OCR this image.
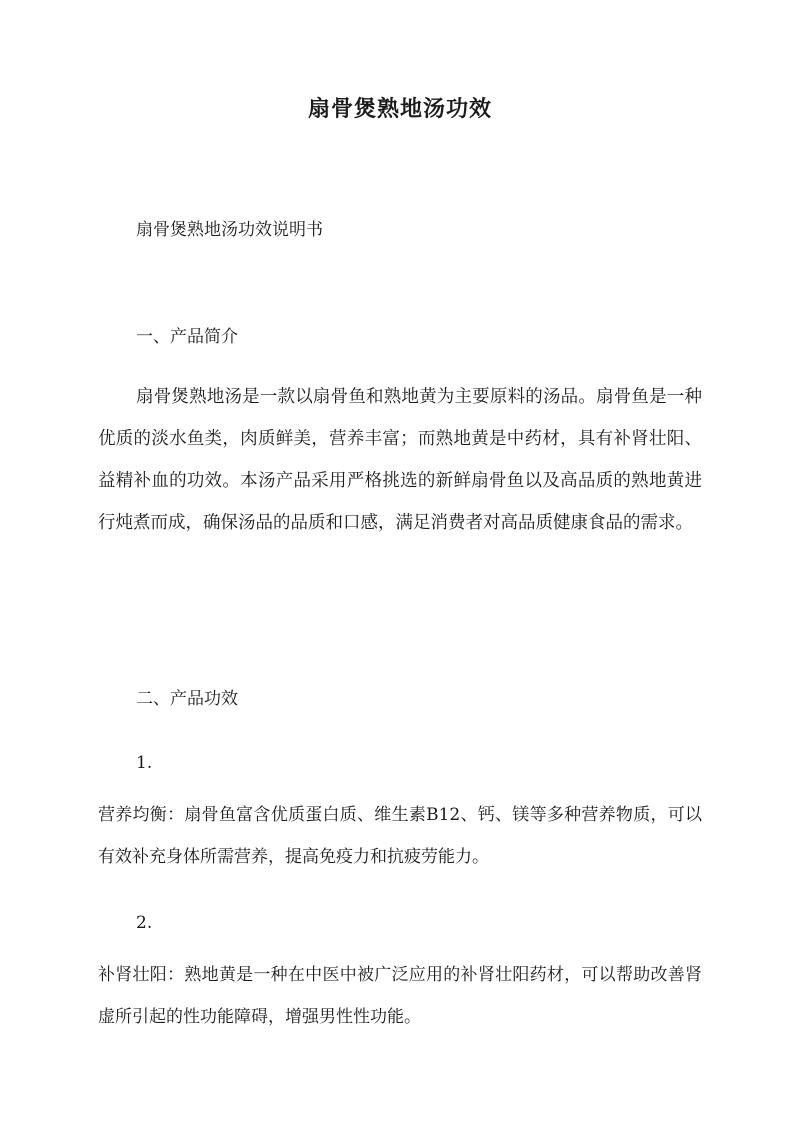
扇骨煲熟地汤功效

扇骨煲熟地汤功效说明书

一、产品简介

扇骨煲熟地汤是一款以扇骨鱼和熟地黄为主要原料的汤品。扇骨鱼是一种优质的淡水鱼类，肉质鲜美，营养丰富；而熟地黄是中药材，具有补肾壮阳、益精补血的功效。本汤产品采用严格挑选的新鲜扇骨鱼以及高品质的熟地黄进行炖煮而成，确保汤品的品质和口感，满足消费者对高品质健康食品的需求。

二、产品功效

1.

营养均衡：扇骨鱼富含优质蛋白质、维生素B12、钙、镁等多种营养物质，可以有效补充身体所需营养，提高免疫力和抗疲劳能力。

2.

补肾壮阳：熟地黄是一种在中医中被广泛应用的补肾壮阳药材，可以帮助改善肾虚所引起的性功能障碍，增强男性性功能。
